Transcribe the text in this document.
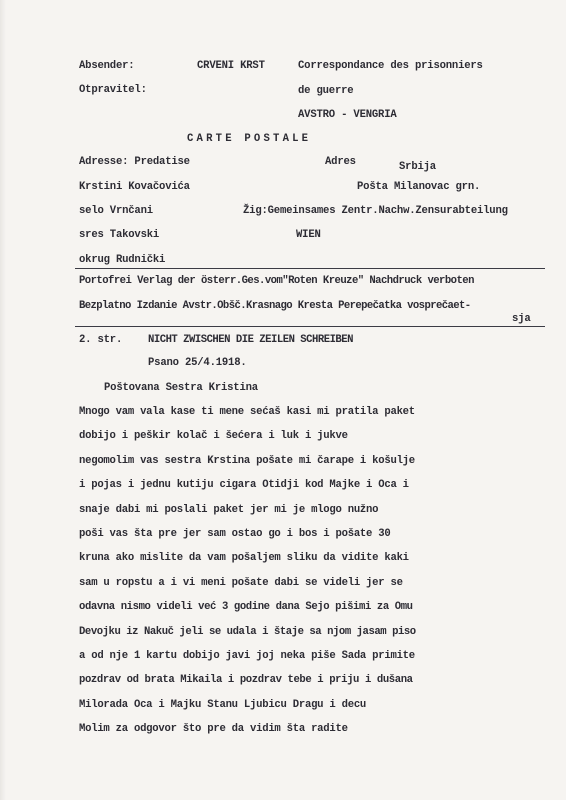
Absender:
Otpravitel:
CRVENI KRST	Correspondance des prisonniers
de guerre
AVSTRO - VENGRIA
CARTE POSTALE
Adresse: Predatise
Krstini Kovačovića
selo Vrnčani
sres Takovski
okrug Rudnički
Adres	Srbija
Pošta Milanovac grn.
Žig:Gemeinsames Zentr.Nachw.Zensurabteilung
WIEN
Portofrei Verlag der österr.Ges.vom"Roten Kreuze" Nachdruck verboten
Bezplatno Izdanie Avstr.Obšč.Krasnago Kresta Perepečatka vosprečaet-
sja
2. str. NICHT ZWISCHEN DIE ZEILEN SCHREIBEN
Psano 25/4.1918.
Poštovana Sestra Kristina
Mnogo vam vala kase ti mene sećaš kasi mi pratila paket
dobijo i peškir kolač i šećera i luk i jukve
negomolim vas sestra Krstina pošate mi čarape i košulje
i pojas i jednu kutiju cigara Otidji kod Majke i Oca i
snaje dabi mi poslali paket jer mi je mlogo nužno
poši vas šta pre jer sam ostao go i bos i pošate 30
kruna ako mislite da vam pošaljem sliku da vidite kaki
sam u ropstu a i vi meni pošate dabi se videli jer se
odavna nismo videli već 3 godine dana Sejo pišimi za Omu
Devojku iz Nakuč jeli se udala i štaje sa njom jasam piso
a od nje 1 kartu dobijo javi joj neka piše Sada primite
pozdrav od brata Mikaila i pozdrav tebe i priju i dušana
Milorada Oca i Majku Stanu Ljubicu Dragu i decu
Molim za odgovor što pre da vidim šta radite
